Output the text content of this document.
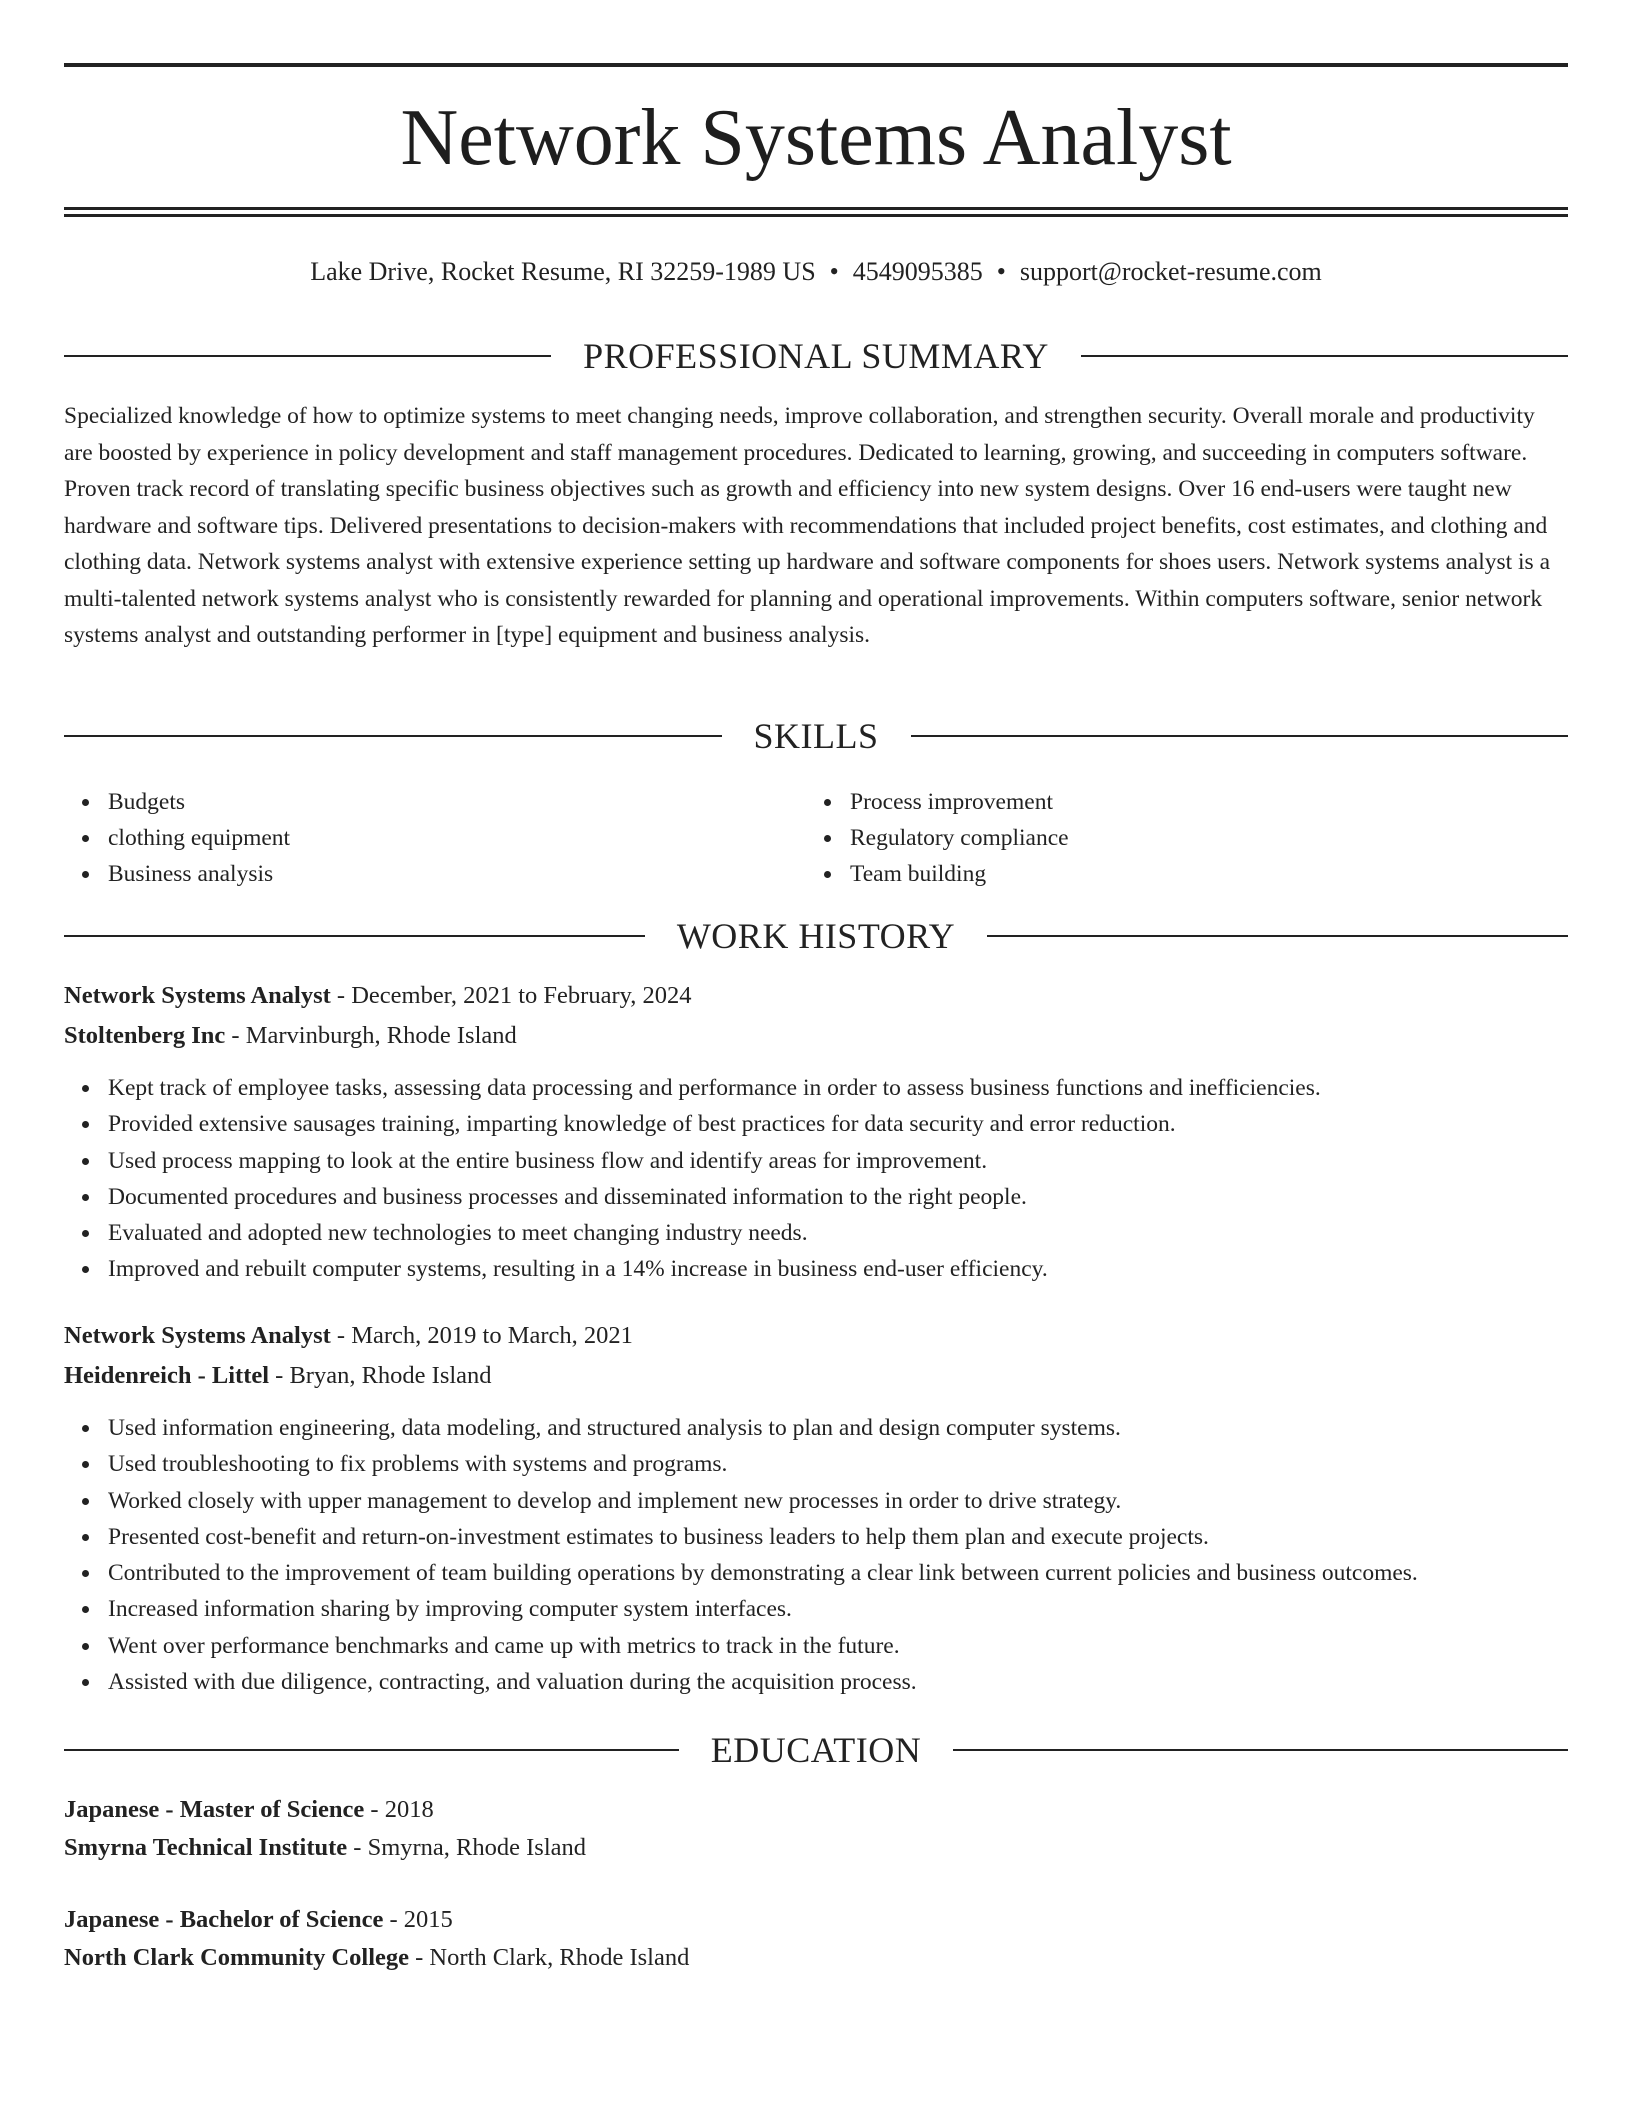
Network Systems Analyst
Lake Drive, Rocket Resume, RI 32259-1989 US • 4549095385 • support@rocket-resume.com
PROFESSIONAL SUMMARY

Specialized knowledge of how to optimize systems to meet changing needs, improve collaboration, and strengthen security. Overall morale and productivity are boosted by experience in policy development and staff management procedures. Dedicated to learning, growing, and succeeding in computers software. Proven track record of translating specific business objectives such as growth and efficiency into new system designs. Over 16 end-users were taught new hardware and software tips. Delivered presentations to decision-makers with recommendations that included project benefits, cost estimates, and clothing and clothing data. Network systems analyst with extensive experience setting up hardware and software components for shoes users. Network systems analyst is a multi-talented network systems analyst who is consistently rewarded for planning and operational improvements. Within computers software, senior network systems analyst and outstanding performer in [type] equipment and business analysis.

SKILLS
Budgets
clothing equipment
Business analysis
Process improvement
Regulatory compliance
Team building
WORK HISTORY
Network Systems Analyst - December, 2021 to February, 2024
Stoltenberg Inc - Marvinburgh, Rhode Island
Kept track of employee tasks, assessing data processing and performance in order to assess business functions and inefficiencies.
Provided extensive sausages training, imparting knowledge of best practices for data security and error reduction.
Used process mapping to look at the entire business flow and identify areas for improvement.
Documented procedures and business processes and disseminated information to the right people.
Evaluated and adopted new technologies to meet changing industry needs.
Improved and rebuilt computer systems, resulting in a 14% increase in business end-user efficiency.
Network Systems Analyst - March, 2019 to March, 2021
Heidenreich - Littel - Bryan, Rhode Island
Used information engineering, data modeling, and structured analysis to plan and design computer systems.
Used troubleshooting to fix problems with systems and programs.
Worked closely with upper management to develop and implement new processes in order to drive strategy.
Presented cost-benefit and return-on-investment estimates to business leaders to help them plan and execute projects.
Contributed to the improvement of team building operations by demonstrating a clear link between current policies and business outcomes.
Increased information sharing by improving computer system interfaces.
Went over performance benchmarks and came up with metrics to track in the future.
Assisted with due diligence, contracting, and valuation during the acquisition process.
EDUCATION
Japanese - Master of Science - 2018
Smyrna Technical Institute - Smyrna, Rhode Island
Japanese - Bachelor of Science - 2015
North Clark Community College - North Clark, Rhode Island
